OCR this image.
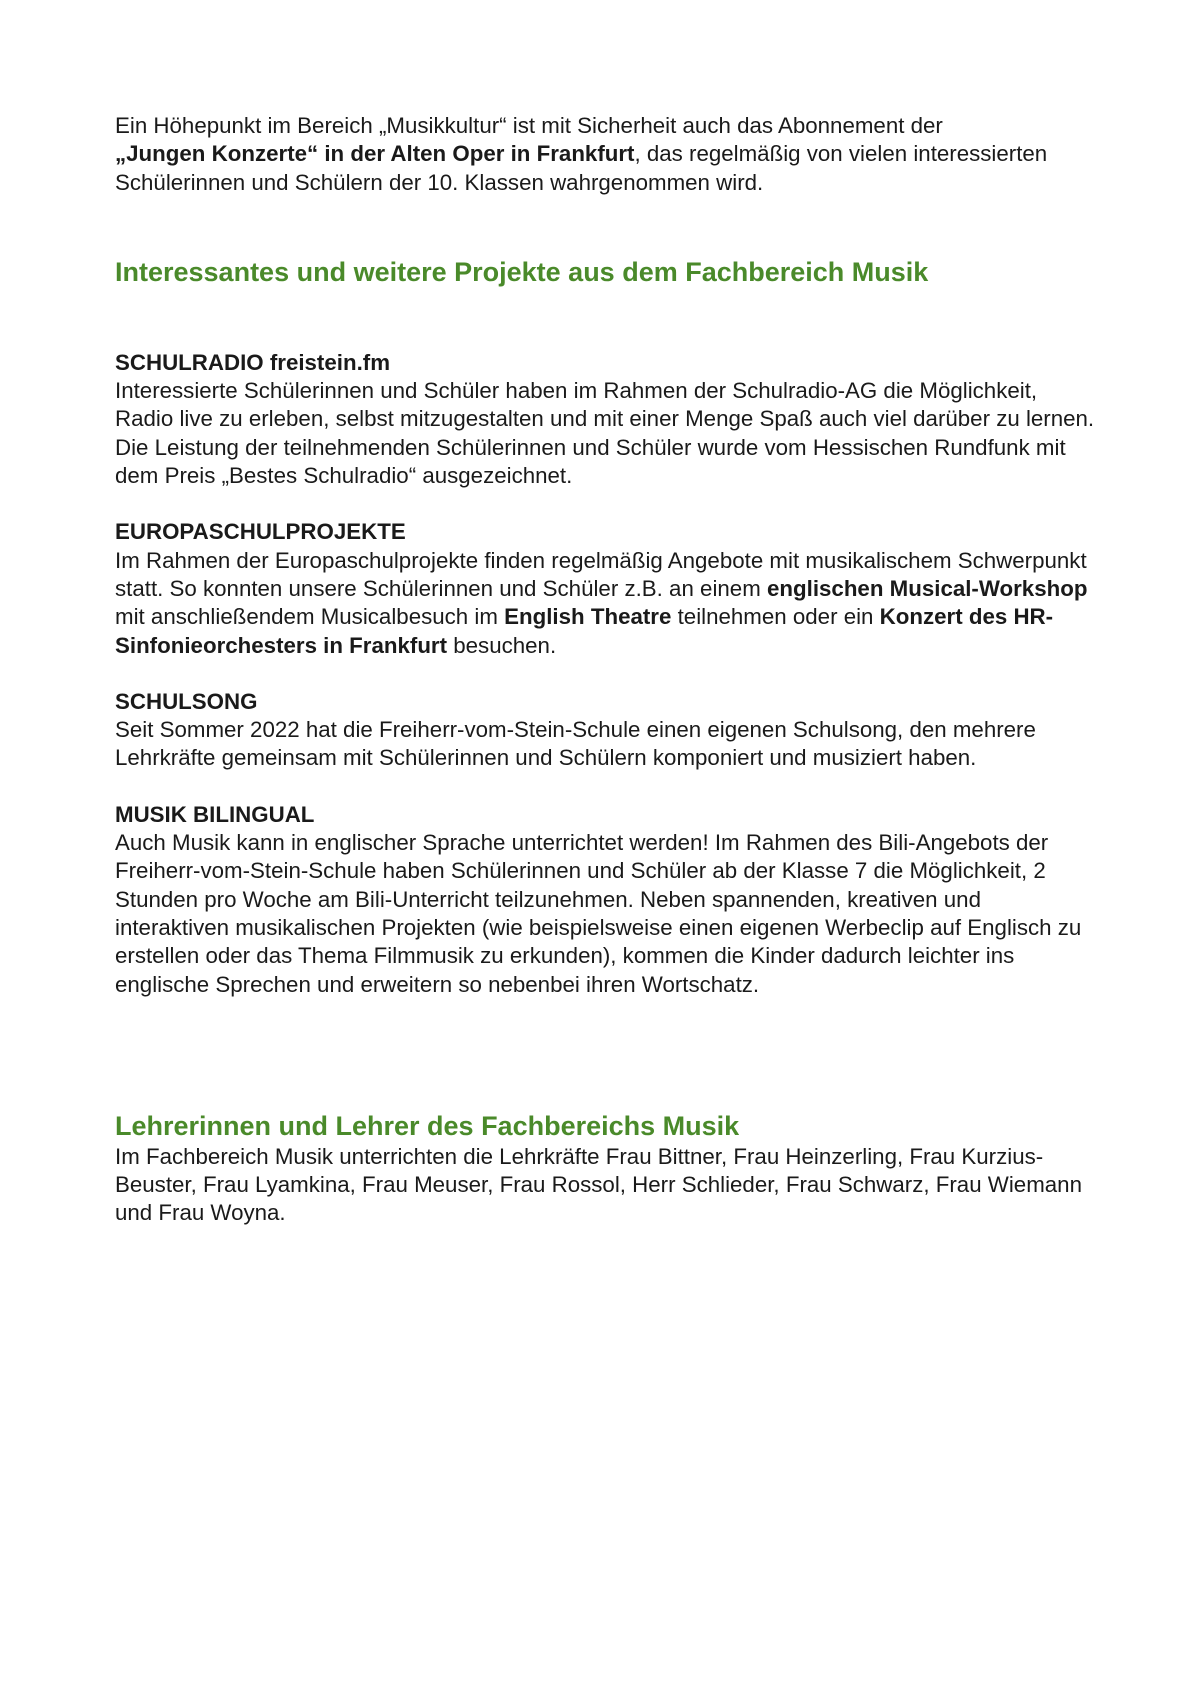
Ein Höhepunkt im Bereich „Musikkultur“ ist mit Sicherheit auch das Abonnement der
„Jungen Konzerte“ in der Alten Oper in Frankfurt, das regelmäßig von vielen interessierten Schülerinnen und Schülern der 10. Klassen wahrgenommen wird.

Interessantes und weitere Projekte aus dem Fachbereich Musik
SCHULRADIO freistein.fm

Interessierte Schülerinnen und Schüler haben im Rahmen der Schulradio-AG die Möglichkeit, Radio live zu erleben, selbst mitzugestalten und mit einer Menge Spaß auch viel darüber zu lernen. Die Leistung der teilnehmenden Schülerinnen und Schüler wurde vom Hessischen Rundfunk mit dem Preis „Bestes Schulradio“ ausgezeichnet.

EUROPASCHULPROJEKTE

Im Rahmen der Europaschulprojekte finden regelmäßig Angebote mit musikalischem Schwerpunkt statt. So konnten unsere Schülerinnen und Schüler z.B. an einem englischen Musical-Workshop mit anschließendem Musicalbesuch im English Theatre teilnehmen oder ein Konzert des HR-Sinfonieorchesters in Frankfurt besuchen.

SCHULSONG

Seit Sommer 2022 hat die Freiherr-vom-Stein-Schule einen eigenen Schulsong, den mehrere Lehrkräfte gemeinsam mit Schülerinnen und Schülern komponiert und musiziert haben.

MUSIK BILINGUAL

Auch Musik kann in englischer Sprache unterrichtet werden! Im Rahmen des Bili-Angebots der Freiherr-vom-Stein-Schule haben Schülerinnen und Schüler ab der Klasse 7 die Möglichkeit, 2 Stunden pro Woche am Bili-Unterricht teilzunehmen. Neben spannenden, kreativen und interaktiven musikalischen Projekten (wie beispielsweise einen eigenen Werbeclip auf Englisch zu erstellen oder das Thema Filmmusik zu erkunden), kommen die Kinder dadurch leichter ins englische Sprechen und erweitern so nebenbei ihren Wortschatz.

Lehrerinnen und Lehrer des Fachbereichs Musik

Im Fachbereich Musik unterrichten die Lehrkräfte Frau Bittner, Frau Heinzerling, Frau Kurzius-Beuster, Frau Lyamkina, Frau Meuser, Frau Rossol, Herr Schlieder, Frau Schwarz, Frau Wiemann und Frau Woyna.
